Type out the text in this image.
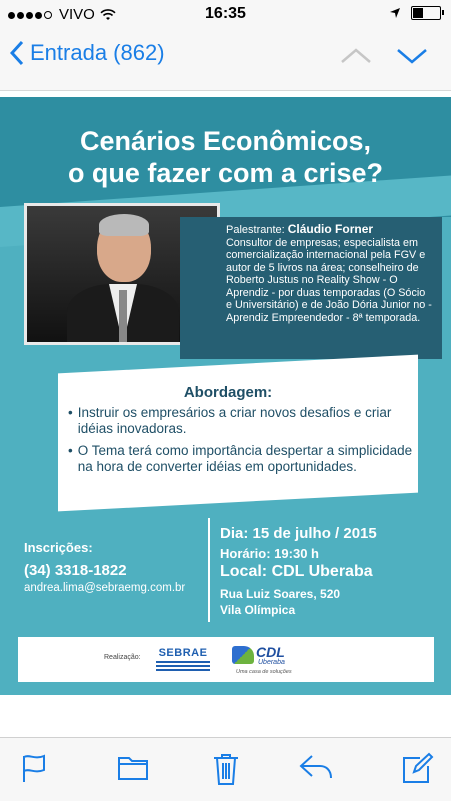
VIVO	16:35
Entrada (862)
Cenários Econômicos,
o que fazer com a crise?
Palestrante: Cláudio Forner
Consultor de empresas; especialista em comercialização internacional pela FGV e autor de 5 livros na área; conselheiro de Roberto Justus no Reality Show - O Aprendiz - por duas temporadas (O Sócio e Universitário) e de João Dória Junior no - Aprendiz Empreendedor - 8ª temporada.
Abordagem:
• Instruir os empresários a criar novos desafios e criar idéias inovadoras.
• O Tema terá como importância despertar a simplicidade na hora de converter idéias em oportunidades.
Inscrições:
(34) 3318-1822
andrea.lima@sebraemg.com.br
Dia: 15 de julho / 2015
Horário: 19:30 h
Local: CDL Uberaba
Rua Luiz Soares, 520
Vila Olímpica
Realização: SEBRAE	CDL
Uberaba
Uma casa de soluções
